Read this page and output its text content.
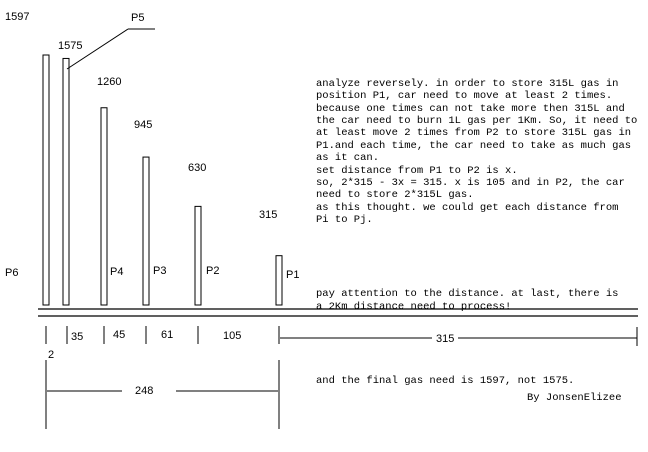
1597
1575
1260
945
630
315
P6
P5
P4	P3	P2	P1
2
35	45	61	105	315
248

analyze reversely. in order to store 315L gas in
position P1, car need to move at least 2 times.
because one times can not take more then 315L and
the car need to burn 1L gas per 1Km. So, it need to
at least move 2 times from P2 to store 315L gas in
P1.and each time, the car need to take as much gas
as it can.
set distance from P1 to P2 is x.
so, 2*315 - 3x = 315. x is 105 and in P2, the car
need to store 2*315L gas.
as this thought. we could get each distance from
Pi to Pj.

pay attention to the distance. at last, there is
a 2Km distance need to process!

and the final gas need is 1597, not 1575.

By JonsenElizee
